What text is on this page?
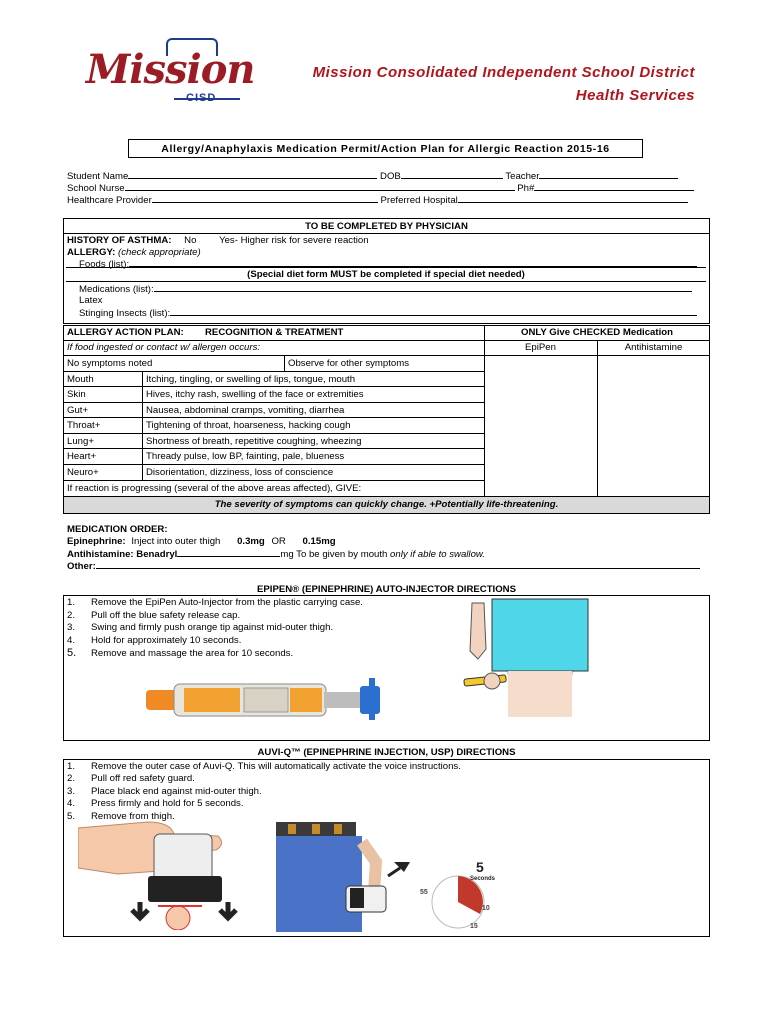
Mission
CISD
Mission Consolidated Independent School District
Health Services
Allergy/Anaphylaxis Medication Permit/Action Plan for Allergic Reaction 2015-16
Student Name	DOB	Teacher
School Nurse	Ph#
Healthcare Provider	Preferred Hospital
TO BE COMPLETED BY PHYSICIAN
HISTORY OF ASTHMA: No Yes- Higher risk for severe reaction
ALLERGY: (check appropriate)
Foods (list):
(Special diet form MUST be completed if special diet needed)
Medications (list):
Latex
Stinging Insects (list):
ALLERGY ACTION PLAN: RECOGNITION & TREATMENT	ONLY Give CHECKED Medication
If food ingested or contact w/ allergen occurs:	EpiPen	Antihistamine
No symptoms noted	Observe for other symptoms
Mouth	Itching, tingling, or swelling of lips, tongue, mouth
Skin	Hives, itchy rash, swelling of the face or extremities
Gut+	Nausea, abdominal cramps, vomiting, diarrhea
Throat+	Tightening of throat, hoarseness, hacking cough
Lung+	Shortness of breath, repetitive coughing, wheezing
Heart+	Thready pulse, low BP, fainting, pale, blueness
Neuro+	Disorientation, dizziness, loss of conscience
If reaction is progressing (several of the above areas affected), GIVE:
The severity of symptoms can quickly change. +Potentially life-threatening.
MEDICATION ORDER:
Epinephrine: Inject into outer thigh 0.3mg OR 0.15mg
Antihistamine: Benadryl	mg To be given by mouth only if able to swallow.
Other:
EPIPEN® (EPINEPHRINE) AUTO-INJECTOR DIRECTIONS
1. Remove the EpiPen Auto-Injector from the plastic carrying case.
2. Pull off the blue safety release cap.
3. Swing and firmly push orange tip against mid-outer thigh.
4. Hold for approximately 10 seconds.
5. Remove and massage the area for 10 seconds.
AUVI-Q™ (EPINEPHRINE INJECTION, USP) DIRECTIONS
1. Remove the outer case of Auvi-Q. This will automatically activate the voice instructions.
2. Pull off red safety guard.
3. Place black end against mid-outer thigh.
4. Press firmly and hold for 5 seconds.
5. Remove from thigh.
5
Seconds
55
10
15
